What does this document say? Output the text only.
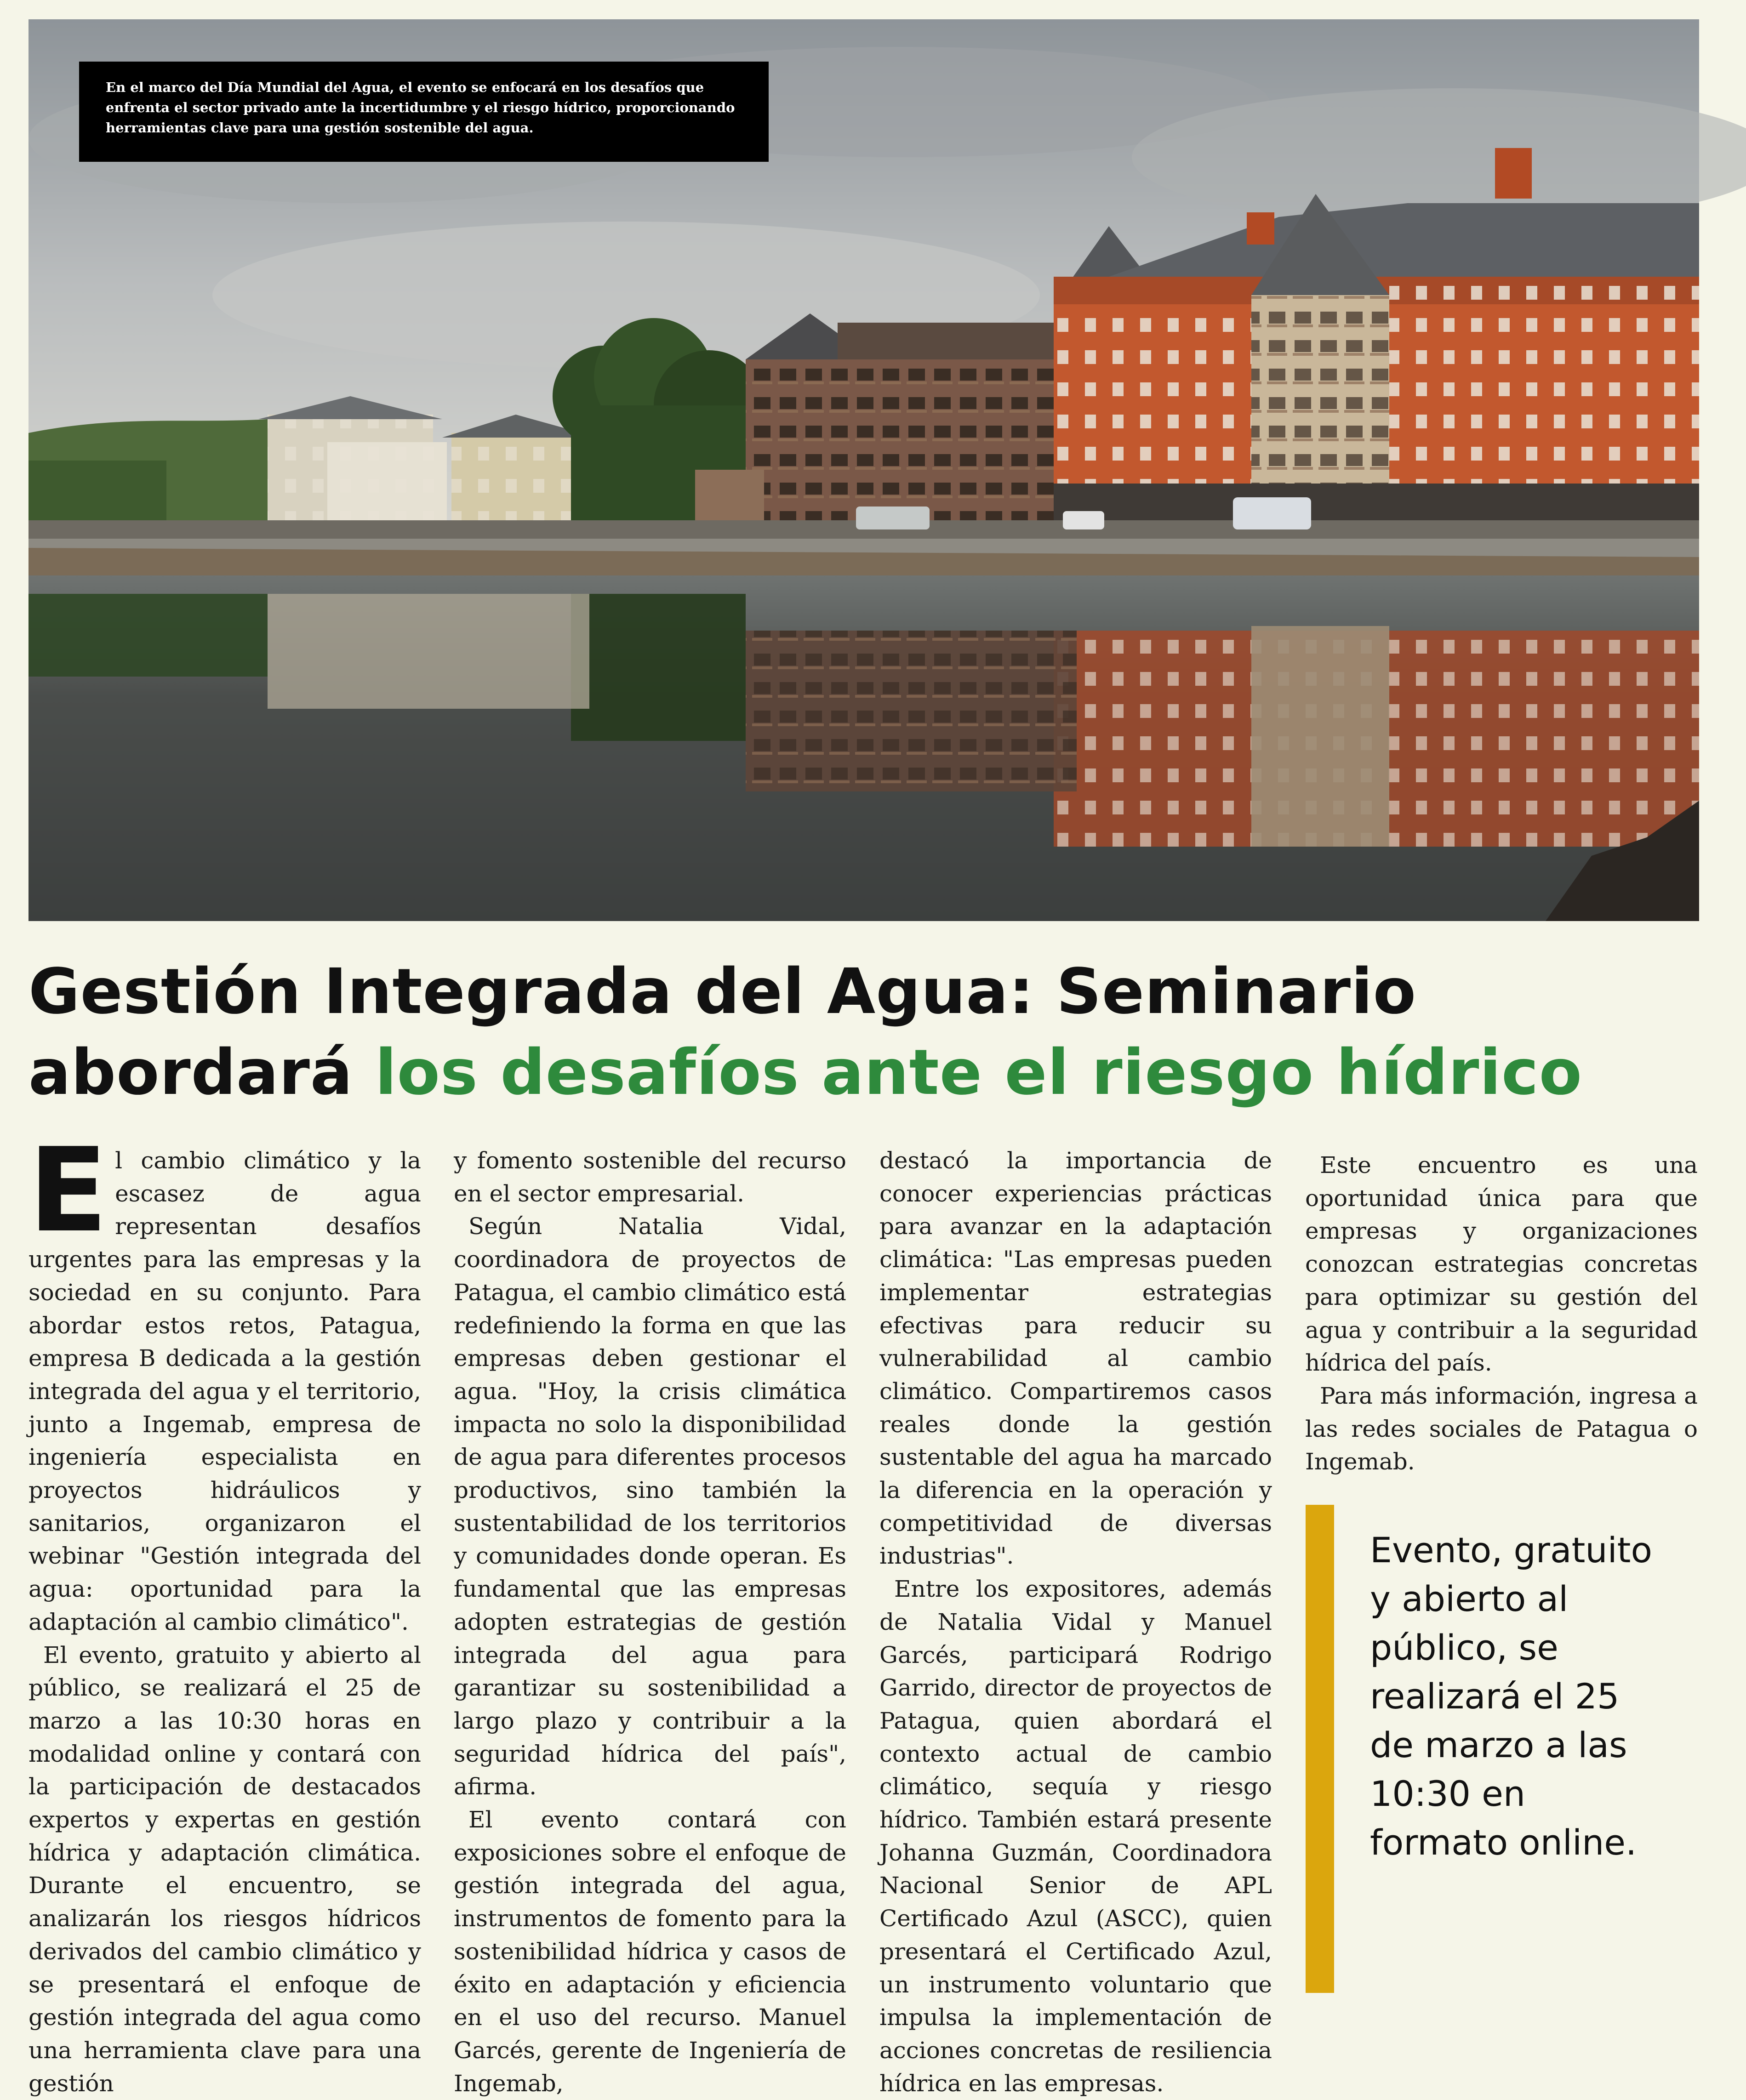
En el marco del Día Mundial del Agua, el evento se enfocará en los desafíos que enfrenta el sector privado ante la incertidumbre y el riesgo hídrico, proporcionando herramientas clave para una gestión sostenible del agua.

Gestión Integrada del Agua: Seminario abordará los desafíos ante el riesgo hídrico
E l cambio climático y la escasez de agua representan desafíos urgentes para las empresas y la sociedad en su conjunto. Para abordar estos retos, Patagua, empresa B dedicada a la gestión integrada del agua y el territorio, junto a Ingemab, empresa de ingeniería especialista en proyectos hidráulicos y sanitarios, organizaron el webinar "Gestión integrada del agua: oportunidad para la adaptación al cambio climático".

El evento, gratuito y abierto al público, se realizará el 25 de marzo a las 10:30 horas en modalidad online y contará con la participación de destacados expertos y expertas en gestión hídrica y adaptación climática. Durante el encuentro, se analizarán los riesgos hídricos derivados del cambio climático y se presentará el enfoque de gestión integrada del agua como una herramienta clave para una gestión

y fomento sostenible del recurso en el sector empresarial.

Según Natalia Vidal, coordinadora de proyectos de Patagua, el cambio climático está redefiniendo la forma en que las empresas deben gestionar el agua. "Hoy, la crisis climática impacta no solo la disponibilidad de agua para diferentes procesos productivos, sino también la sustentabilidad de los territorios y comunidades donde operan. Es fundamental que las empresas adopten estrategias de gestión integrada del agua para garantizar su sostenibilidad a largo plazo y contribuir a la seguridad hídrica del país", afirma.

El evento contará con exposiciones sobre el enfoque de gestión integrada del agua, instrumentos de fomento para la sostenibilidad hídrica y casos de éxito en adaptación y eficiencia en el uso del recurso. Manuel Garcés, gerente de Ingeniería de Ingemab,

destacó la importancia de conocer experiencias prácticas para avanzar en la adaptación climática: "Las empresas pueden implementar estrategias efectivas para reducir su vulnerabilidad al cambio climático. Compartiremos casos reales donde la gestión sustentable del agua ha marcado la diferencia en la operación y competitividad de diversas industrias".

Entre los expositores, además de Natalia Vidal y Manuel Garcés, participará Rodrigo Garrido, director de proyectos de Patagua, quien abordará el contexto actual de cambio climático, sequía y riesgo hídrico. También estará presente Johanna Guzmán, Coordinadora Nacional Senior de APL Certificado Azul (ASCC), quien presentará el Certificado Azul, un instrumento voluntario que impulsa la implementación de acciones concretas de resiliencia hídrica en las empresas.

Este encuentro es una oportunidad única para que empresas y organizaciones conozcan estrategias concretas para optimizar su gestión del agua y contribuir a la seguridad hídrica del país.

Para más información, ingresa a las redes sociales de Patagua o Ingemab.

Evento, gratuito y abierto al público, se realizará el 25 de marzo a las 10:30 en formato online.
